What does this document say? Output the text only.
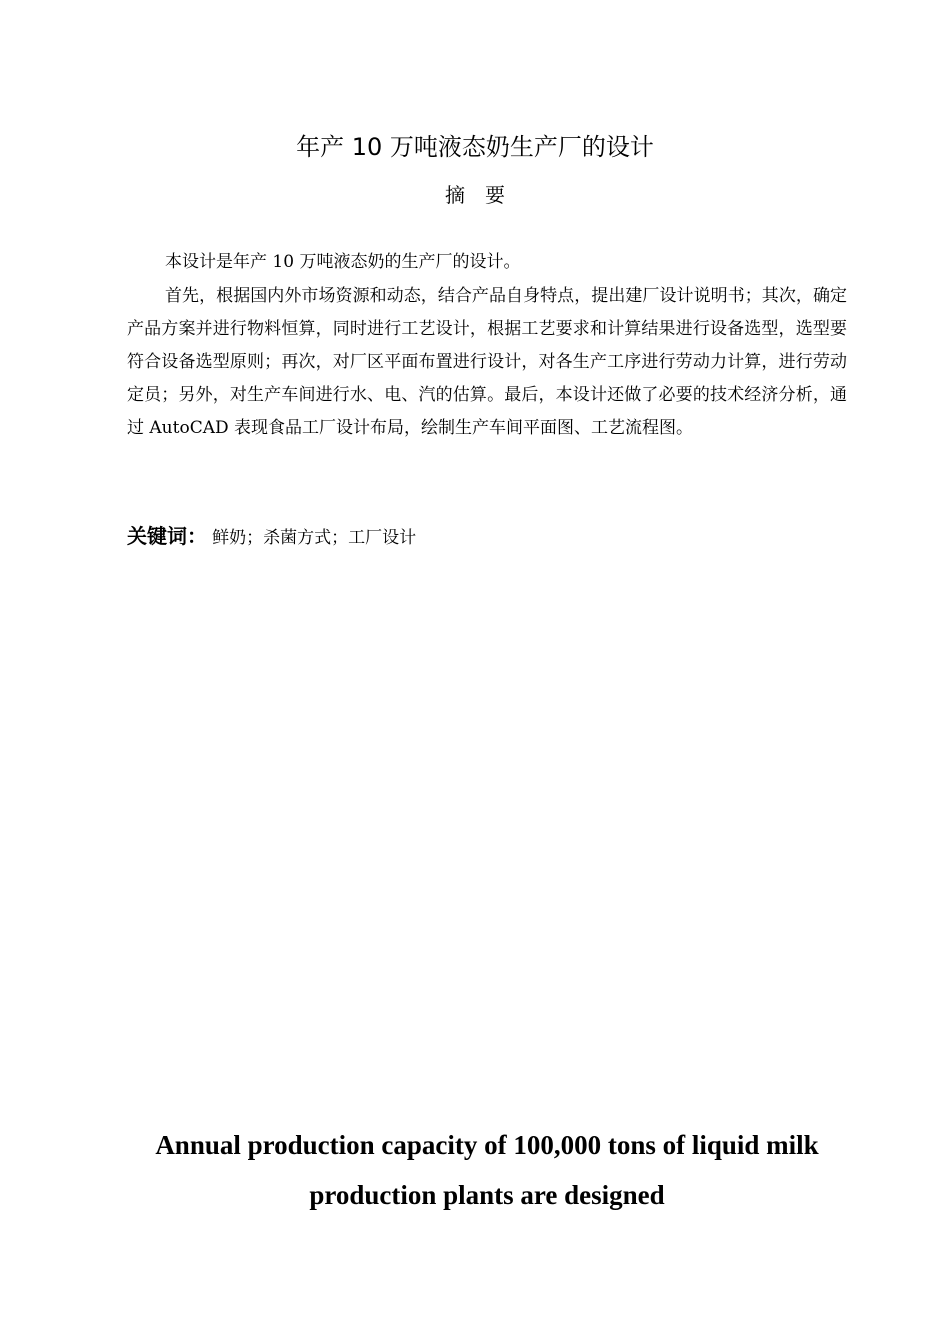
年产 10 万吨液态奶生产厂的设计
摘要

本设计是年产 10 万吨液态奶的生产厂的设计。

首先，根据国内外市场资源和动态，结合产品自身特点，提出建厂设计说明书；其次，确定产品方案并进行物料恒算，同时进行工艺设计，根据工艺要求和计算结果进行设备选型，选型要符合设备选型原则；再次，对厂区平面布置进行设计，对各生产工序进行劳动力计算，进行劳动定员；另外，对生产车间进行水、电、汽的估算。最后，本设计还做了必要的技术经济分析，通过 AutoCAD 表现食品工厂设计布局，绘制生产车间平面图、工艺流程图。

关键词： 鲜奶；杀菌方式；工厂设计

Annual production capacity of 100,000 tons of liquid milk production plants are designed
